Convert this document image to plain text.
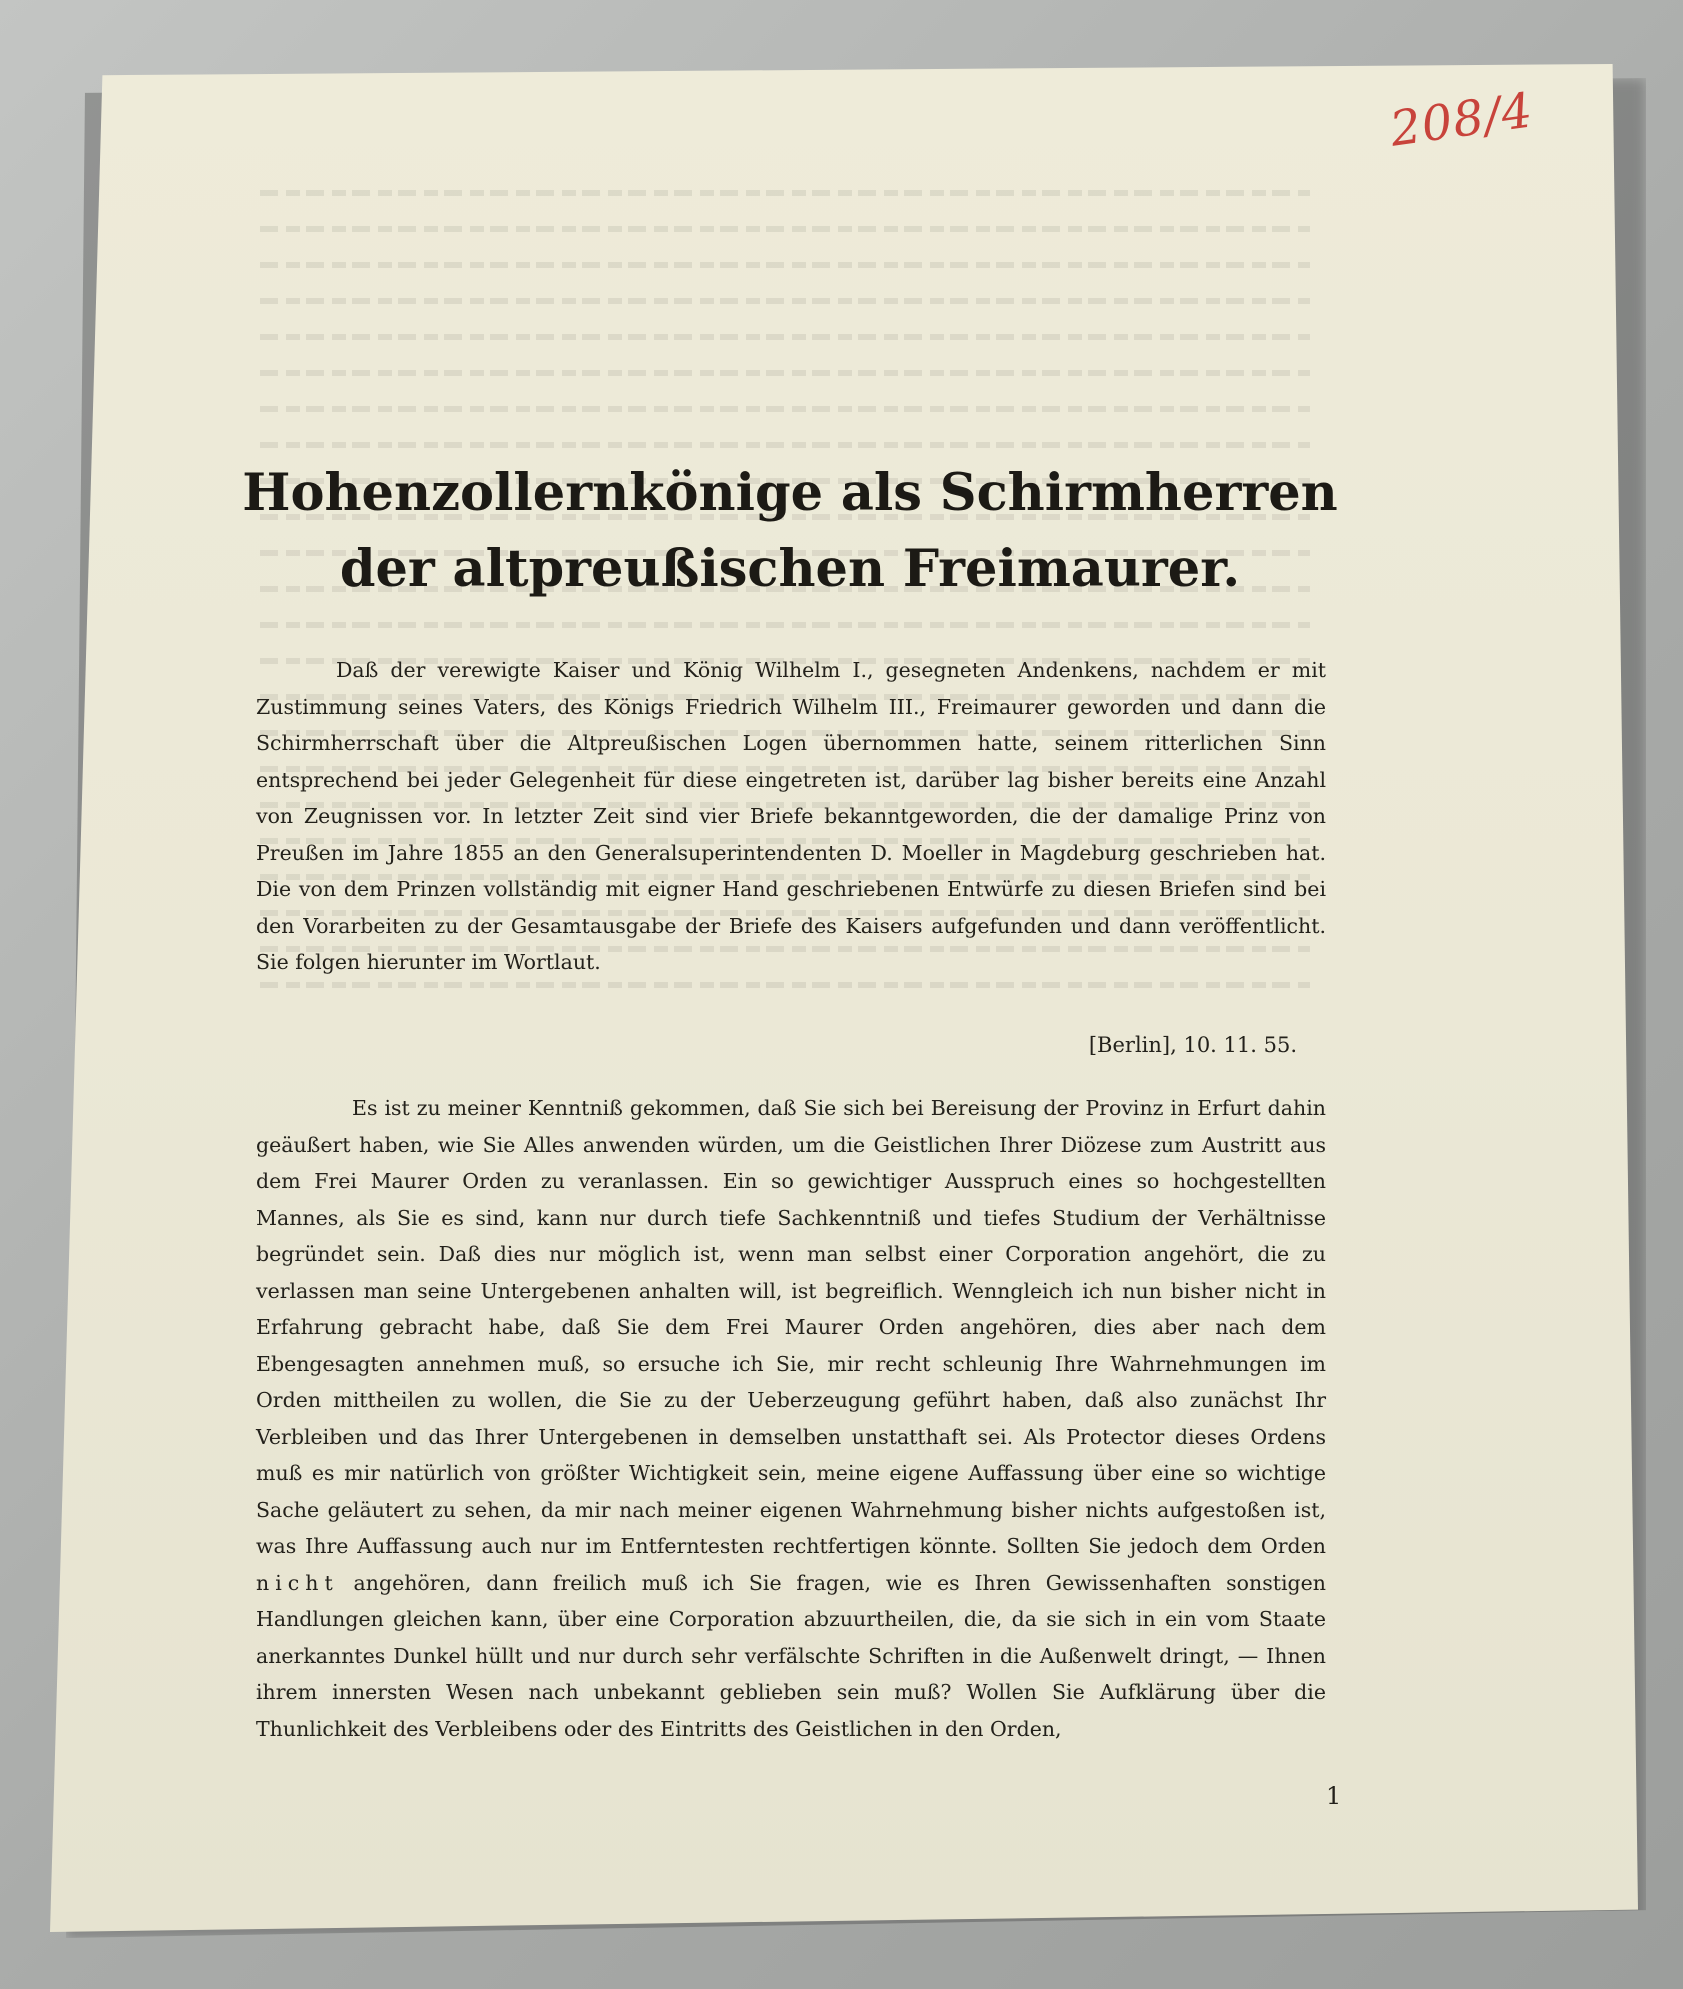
208/4
Hohenzollernkönige als Schirmherren
der altpreußischen Freimaurer.

Daß der verewigte Kaiser und König Wilhelm I., gesegneten Andenkens, nachdem er mit Zustimmung seines Vaters, des Königs Friedrich Wilhelm III., Freimaurer geworden und dann die Schirmherrschaft über die Altpreußischen Logen übernommen hatte, seinem ritterlichen Sinn entsprechend bei jeder Gelegenheit für diese eingetreten ist, darüber lag bisher bereits eine Anzahl von Zeugnissen vor. In letzter Zeit sind vier Briefe bekanntgeworden, die der damalige Prinz von Preußen im Jahre 1855 an den Generalsuperintendenten D. Moeller in Magdeburg geschrieben hat. Die von dem Prinzen vollständig mit eigner Hand geschriebenen Entwürfe zu diesen Briefen sind bei den Vorarbeiten zu der Gesamtausgabe der Briefe des Kaisers aufgefunden und dann veröffentlicht. Sie folgen hierunter im Wortlaut.

[Berlin], 10. 11. 55.

Es ist zu meiner Kenntniß gekommen, daß Sie sich bei Bereisung der Provinz in Erfurt dahin geäußert haben, wie Sie Alles anwenden würden, um die Geistlichen Ihrer Diözese zum Austritt aus dem Frei Maurer Orden zu veranlassen. Ein so gewichtiger Ausspruch eines so hochgestellten Mannes, als Sie es sind, kann nur durch tiefe Sachkenntniß und tiefes Studium der Verhältnisse begründet sein. Daß dies nur möglich ist, wenn man selbst einer Corporation angehört, die zu verlassen man seine Untergebenen anhalten will, ist begreiflich. Wenngleich ich nun bisher nicht in Erfahrung gebracht habe, daß Sie dem Frei Maurer Orden angehören, dies aber nach dem Ebengesagten annehmen muß, so ersuche ich Sie, mir recht schleunig Ihre Wahrnehmungen im Orden mittheilen zu wollen, die Sie zu der Ueberzeugung geführt haben, daß also zunächst Ihr Verbleiben und das Ihrer Untergebenen in demselben unstatthaft sei. Als Protector dieses Ordens muß es mir natürlich von größter Wichtigkeit sein, meine eigene Auffassung über eine so wichtige Sache geläutert zu sehen, da mir nach meiner eigenen Wahrnehmung bisher nichts aufgestoßen ist, was Ihre Auffassung auch nur im Entferntesten rechtfertigen könnte. Sollten Sie jedoch dem Orden nicht angehören, dann freilich muß ich Sie fragen, wie es Ihren Gewissenhaften sonstigen Handlungen gleichen kann, über eine Corporation abzuurtheilen, die, da sie sich in ein vom Staate anerkanntes Dunkel hüllt und nur durch sehr verfälschte Schriften in die Außenwelt dringt, — Ihnen ihrem innersten Wesen nach unbekannt geblieben sein muß? Wollen Sie Aufklärung über die Thunlichkeit des Verbleibens oder des Eintritts des Geistlichen in den Orden,

1
